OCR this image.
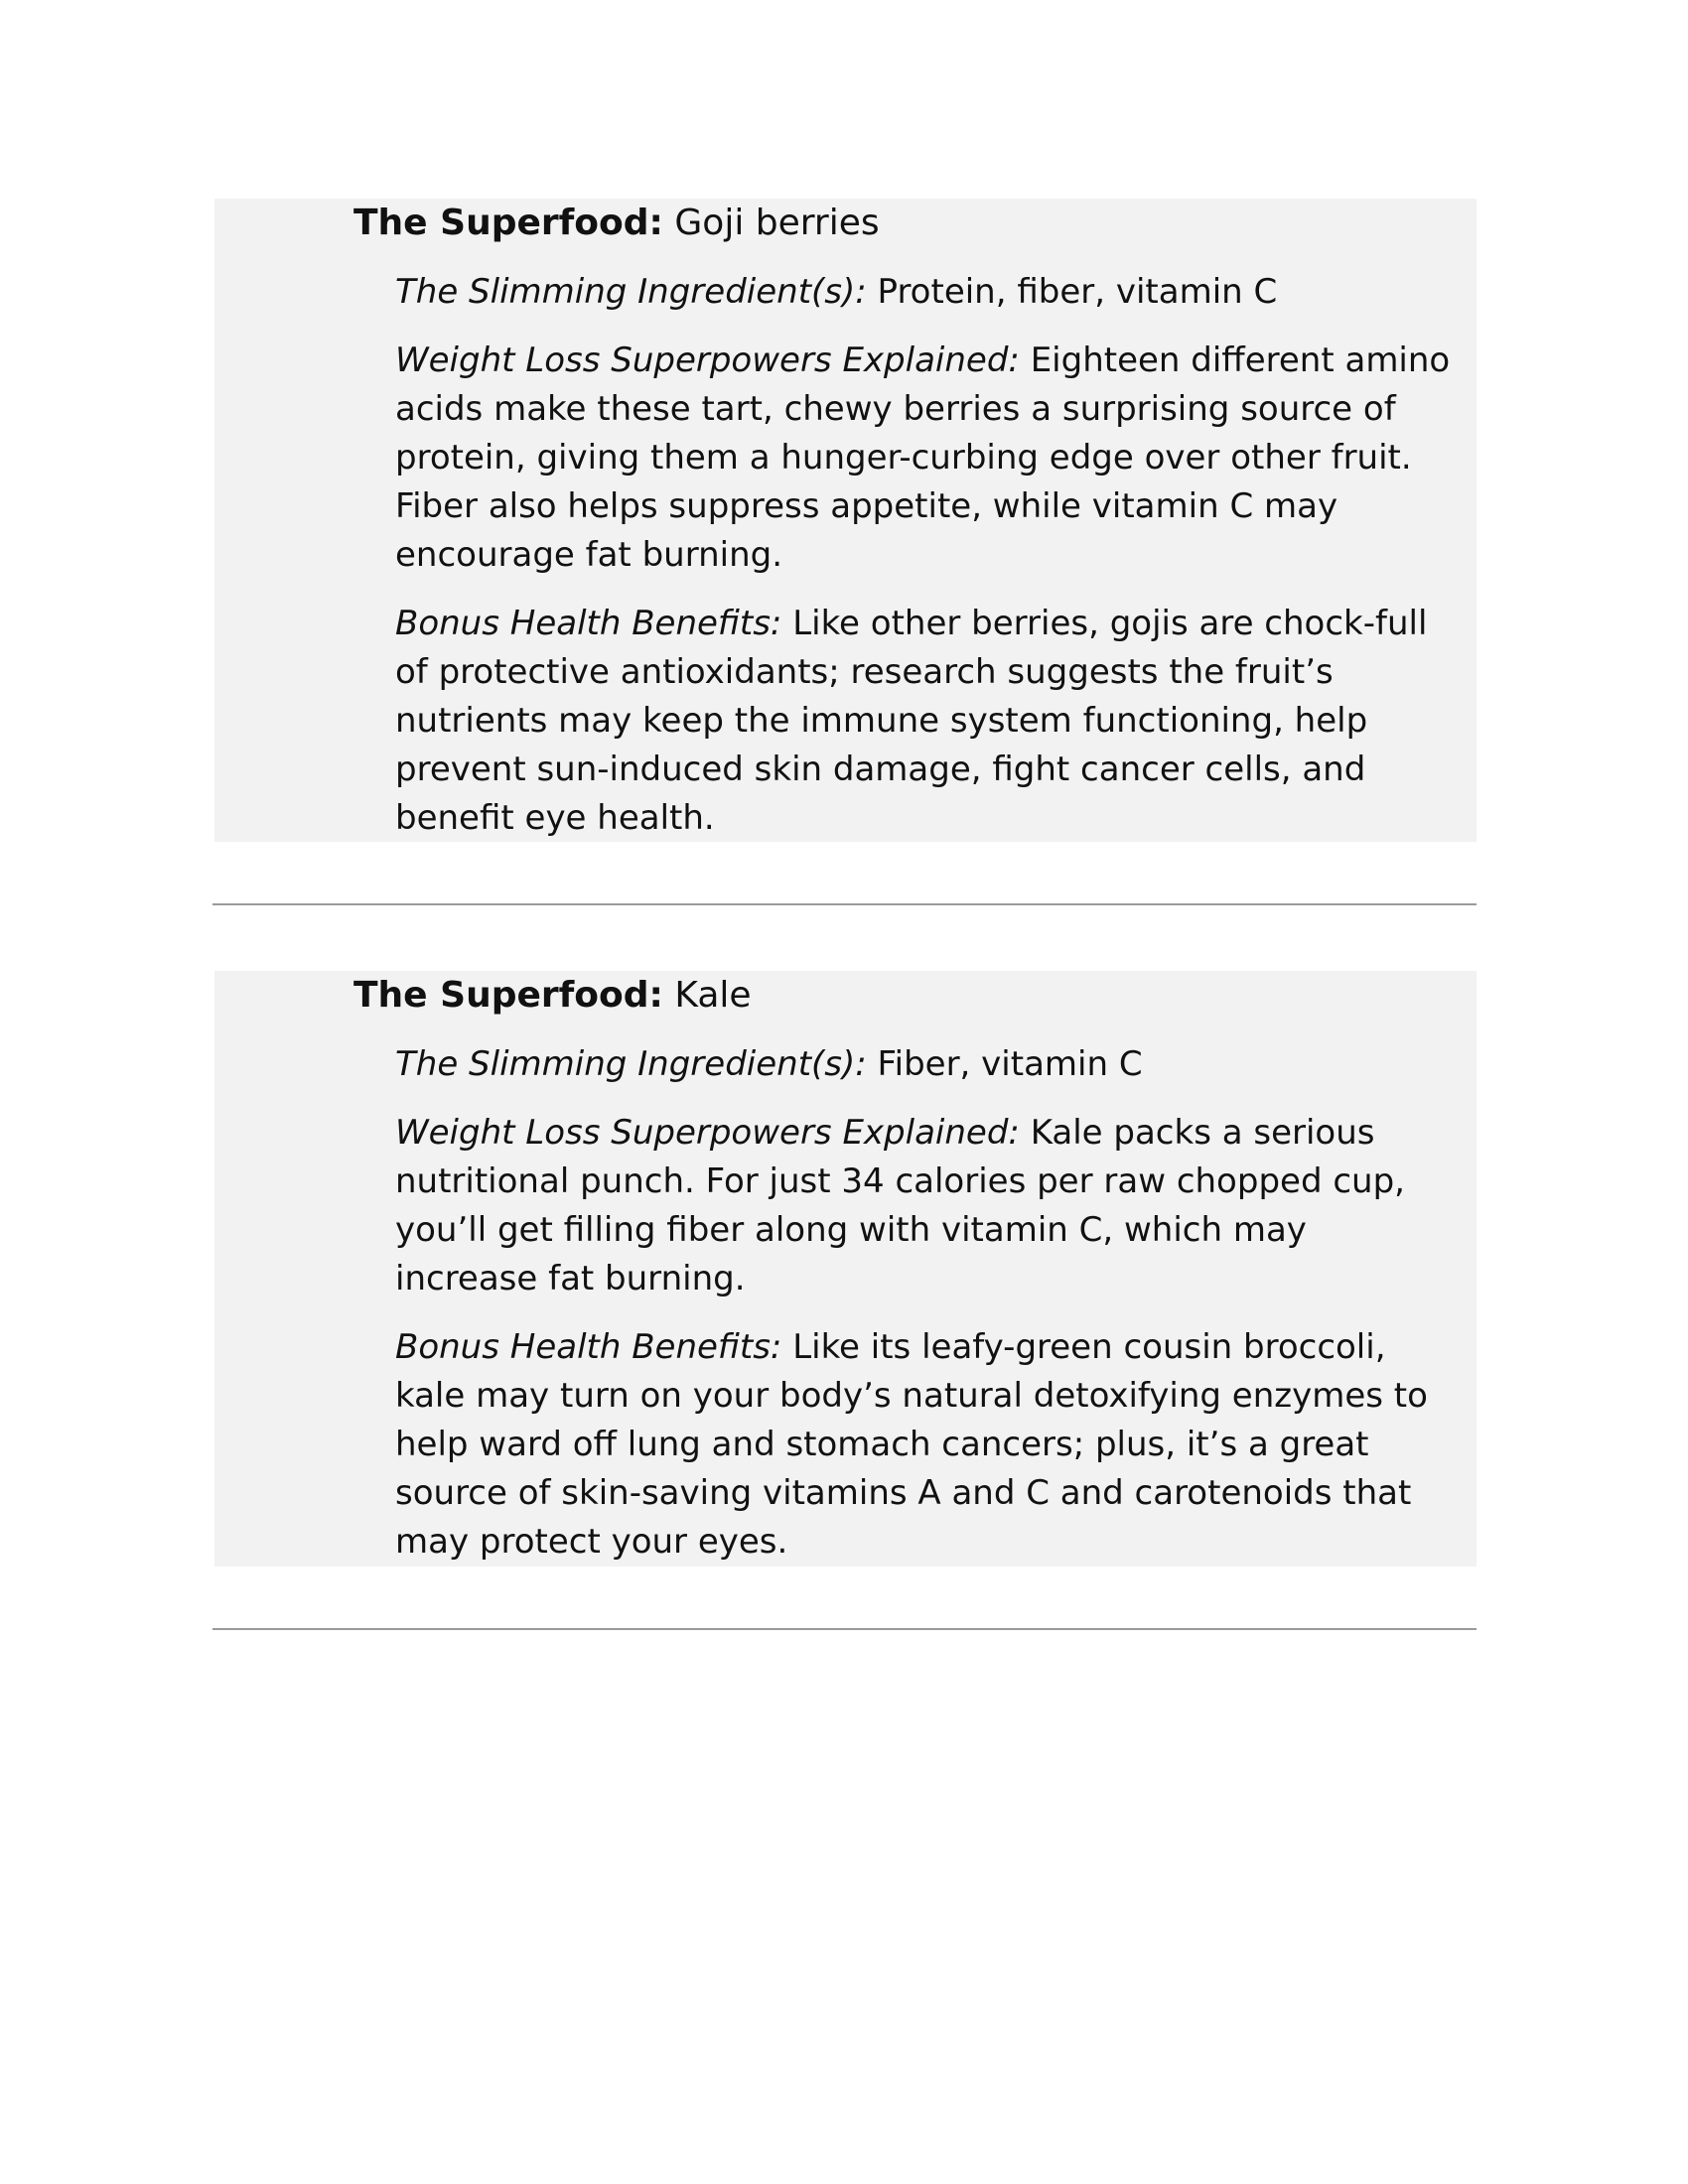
The Superfood: Goji berries
The Slimming Ingredient(s): Protein, fiber, vitamin C
Weight Loss Superpowers Explained: Eighteen different amino acids make these tart, chewy berries a surprising source of protein, giving them a hunger-curbing edge over other fruit. Fiber also helps suppress appetite, while vitamin C may encourage fat burning.
Bonus Health Benefits: Like other berries, gojis are chock-full of protective antioxidants; research suggests the fruit’s nutrients may keep the immune system functioning, help prevent sun-induced skin damage, fight cancer cells, and benefit eye health.
The Superfood: Kale
The Slimming Ingredient(s): Fiber, vitamin C
Weight Loss Superpowers Explained: Kale packs a serious nutritional punch. For just 34 calories per raw chopped cup, you’ll get filling fiber along with vitamin C, which may increase fat burning.
Bonus Health Benefits: Like its leafy-green cousin broccoli, kale may turn on your body’s natural detoxifying enzymes to help ward off lung and stomach cancers; plus, it’s a great source of skin-saving vitamins A and C and carotenoids that may protect your eyes.
